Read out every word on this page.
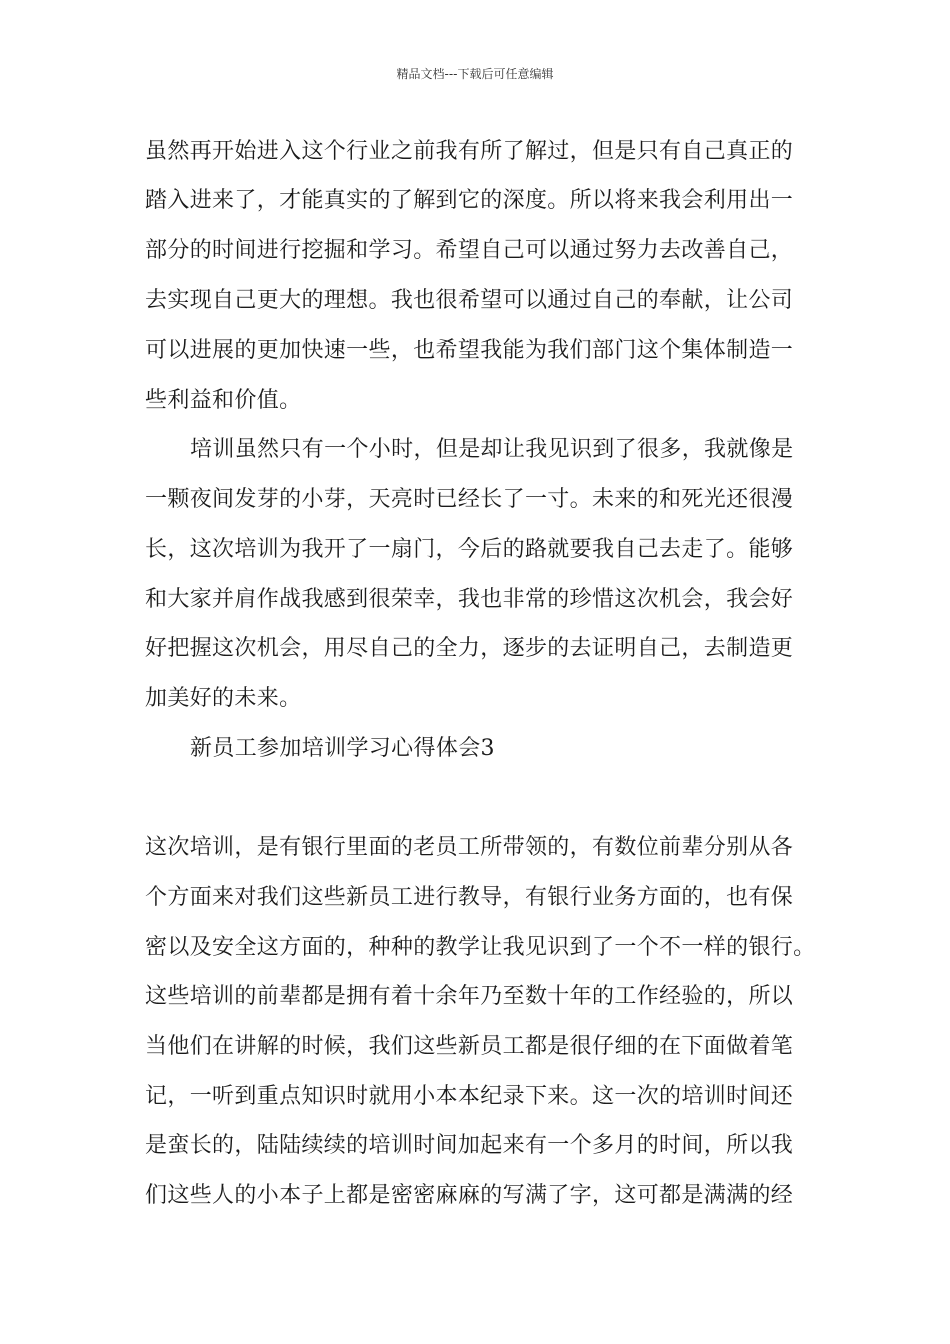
精品文档---下载后可任意编辑
虽然再开始进入这个行业之前我有所了解过，但是只有自己真正的
踏入进来了，才能真实的了解到它的深度。所以将来我会利用出一
部分的时间进行挖掘和学习。希望自己可以通过努力去改善自己，
去实现自己更大的理想。我也很希望可以通过自己的奉献，让公司
可以进展的更加快速一些，也希望我能为我们部门这个集体制造一
些利益和价值。
培训虽然只有一个小时，但是却让我见识到了很多，我就像是
一颗夜间发芽的小芽，天亮时已经长了一寸。未来的和死光还很漫
长，这次培训为我开了一扇门，今后的路就要我自己去走了。能够
和大家并肩作战我感到很荣幸，我也非常的珍惜这次机会，我会好
好把握这次机会，用尽自己的全力，逐步的去证明自己，去制造更
加美好的未来。
新员工参加培训学习心得体会3
这次培训，是有银行里面的老员工所带领的，有数位前辈分别从各
个方面来对我们这些新员工进行教导，有银行业务方面的，也有保
密以及安全这方面的，种种的教学让我见识到了一个不一样的银行。
这些培训的前辈都是拥有着十余年乃至数十年的工作经验的，所以
当他们在讲解的时候，我们这些新员工都是很仔细的在下面做着笔
记，一听到重点知识时就用小本本纪录下来。这一次的培训时间还
是蛮长的，陆陆续续的培训时间加起来有一个多月的时间，所以我
们这些人的小本子上都是密密麻麻的写满了字，这可都是满满的经
